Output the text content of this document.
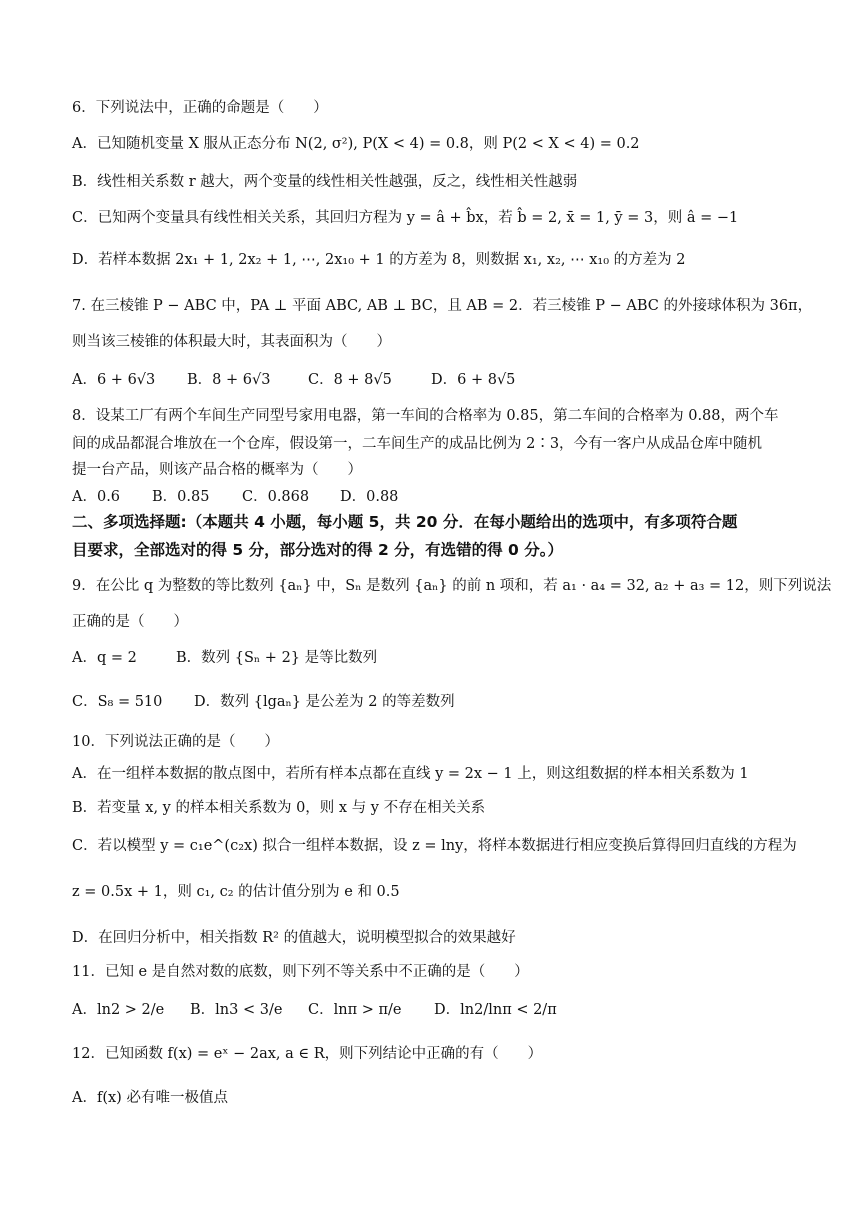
6．下列说法中，正确的命题是（　　）
A．已知随机变量 X 服从正态分布 N(2, σ²), P(X < 4) = 0.8，则 P(2 < X < 4) = 0.2
B．线性相关系数 r 越大，两个变量的线性相关性越强，反之，线性相关性越弱
C．已知两个变量具有线性相关关系，其回归方程为 y = â + b̂x，若 b̂ = 2, x̄ = 1, ȳ = 3，则 â = −1
D．若样本数据 2x₁ + 1, 2x₂ + 1, ⋯, 2x₁₀ + 1 的方差为 8，则数据 x₁, x₂, ⋯ x₁₀ 的方差为 2
7. 在三棱锥 P − ABC 中，PA ⊥ 平面 ABC, AB ⊥ BC，且 AB = 2．若三棱锥 P − ABC 的外接球体积为 36π，
则当该三棱锥的体积最大时，其表面积为（　　）
A．6 + 6√3 B．8 + 6√3	C．8 + 8√5	D．6 + 8√5
8．设某工厂有两个车间生产同型号家用电器，第一车间的合格率为 0.85，第二车间的合格率为 0.88，两个车
间的成品都混合堆放在一个仓库，假设第一，二车间生产的成品比例为 2∶3，今有一客户从成品仓库中随机
提一台产品，则该产品合格的概率为（　　）
A．0.6 B．0.85 C．0.868 D．0.88
二、多项选择题:（本题共 4 小题，每小题 5，共 20 分．在每小题给出的选项中，有多项符合题
目要求，全部选对的得 5 分，部分选对的得 2 分，有选错的得 0 分。）
9．在公比 q 为整数的等比数列 {aₙ} 中，Sₙ 是数列 {aₙ} 的前 n 项和，若 a₁ · a₄ = 32, a₂ + a₃ = 12，则下列说法
正确的是（　　）
A．q = 2	B．数列 {Sₙ + 2} 是等比数列
C．S₈ = 510 D．数列 {lgaₙ} 是公差为 2 的等差数列
10．下列说法正确的是（　　）
A．在一组样本数据的散点图中，若所有样本点都在直线 y = 2x − 1 上，则这组数据的样本相关系数为 1
B．若变量 x, y 的样本相关系数为 0，则 x 与 y 不存在相关关系
C．若以模型 y = c₁e^(c₂x) 拟合一组样本数据，设 z = lny，将样本数据进行相应变换后算得回归直线的方程为
z = 0.5x + 1，则 c₁, c₂ 的估计值分别为 e 和 0.5
D．在回归分析中，相关指数 R² 的值越大，说明模型拟合的效果越好
11．已知 e 是自然对数的底数，则下列不等关系中不正确的是（　　）
A．ln2 > 2/e B．ln3 < 3/e C．lnπ > π/e D．ln2/lnπ < 2/π
12．已知函数 f(x) = eˣ − 2ax, a ∈ R，则下列结论中正确的有（　　）
A．f(x) 必有唯一极值点
